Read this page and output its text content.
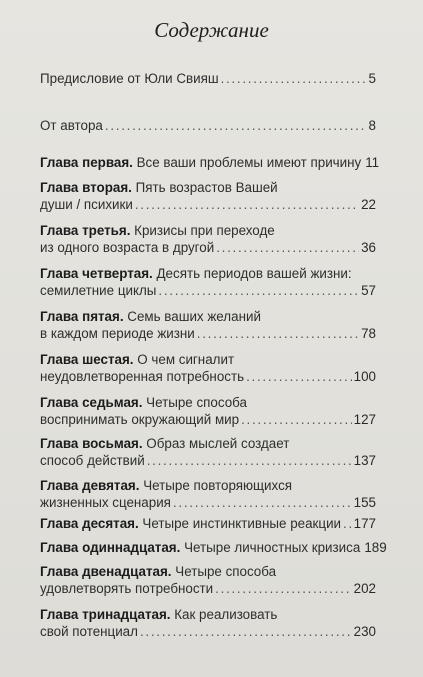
Содержание
Предисловие от Юли Свияш . . .	5
От автора . . .	8
Глава первая. Все ваши проблемы имеют причину 11
Глава вторая. Пять возрастов Вашей
души / психики . . .	22
Глава третья. Кризисы при переходе
из одного возраста в другой . . .	36
Глава четвертая. Десять периодов вашей жизни:
семилетние циклы . . .	57
Глава пятая. Семь ваших желаний
в каждом периоде жизни . . .	78
Глава шестая. О чем сигналит
неудовлетворенная потребность . . .	100
Глава седьмая. Четыре способа
воспринимать окружающий мир . . .	127
Глава восьмая. Образ мыслей создает
способ действий . . .	137
Глава девятая. Четыре повторяющихся
жизненных сценария . . .	155
Глава десятая. Четыре инстинктивные реакции . . . 177
Глава одиннадцатая. Четыре личностных кризиса 189
Глава двенадцатая. Четыре способа
удовлетворять потребности . . .	202
Глава тринадцатая. Как реализовать
свой потенциал . . .	230
